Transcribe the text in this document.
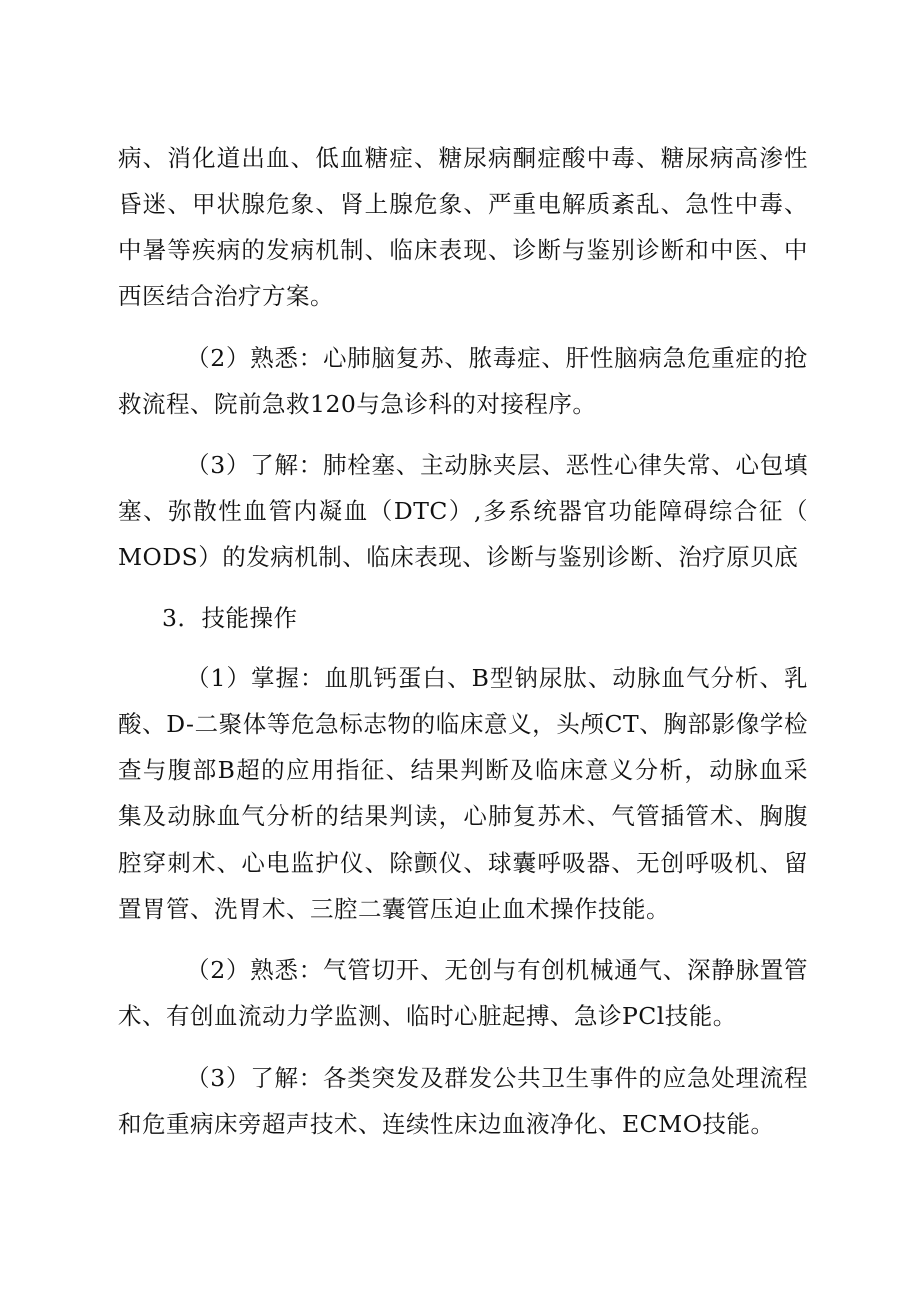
病、消化道出血、低血糖症、糖尿病酮症酸中毒、糖尿病高渗性
昏迷、甲状腺危象、肾上腺危象、严重电解质紊乱、急性中毒、
中暑等疾病的发病机制、临床表现、诊断与鉴别诊断和中医、中
西医结合治疗方案。
（2）熟悉：心肺脑复苏、脓毒症、肝性脑病急危重症的抢
救流程、院前急救120与急诊科的对接程序。
（3）了解：肺栓塞、主动脉夹层、恶性心律失常、心包填
塞、弥散性血管内凝血（DTC）,多系统器官功能障碍综合征（
MODS）的发病机制、临床表现、诊断与鉴别诊断、治疗原贝底
3．技能操作
（1）掌握：血肌钙蛋白、B型钠尿肽、动脉血气分析、乳
酸、D-二聚体等危急标志物的临床意义，头颅CT、胸部影像学检
查与腹部B超的应用指征、结果判断及临床意义分析，动脉血采
集及动脉血气分析的结果判读，心肺复苏术、气管插管术、胸腹
腔穿刺术、心电监护仪、除颤仪、球囊呼吸器、无创呼吸机、留
置胃管、洗胃术、三腔二囊管压迫止血术操作技能。
（2）熟悉：气管切开、无创与有创机械通气、深静脉置管
术、有创血流动力学监测、临时心脏起搏、急诊PCl技能。
（3）了解：各类突发及群发公共卫生事件的应急处理流程
和危重病床旁超声技术、连续性床边血液净化、ECMO技能。
